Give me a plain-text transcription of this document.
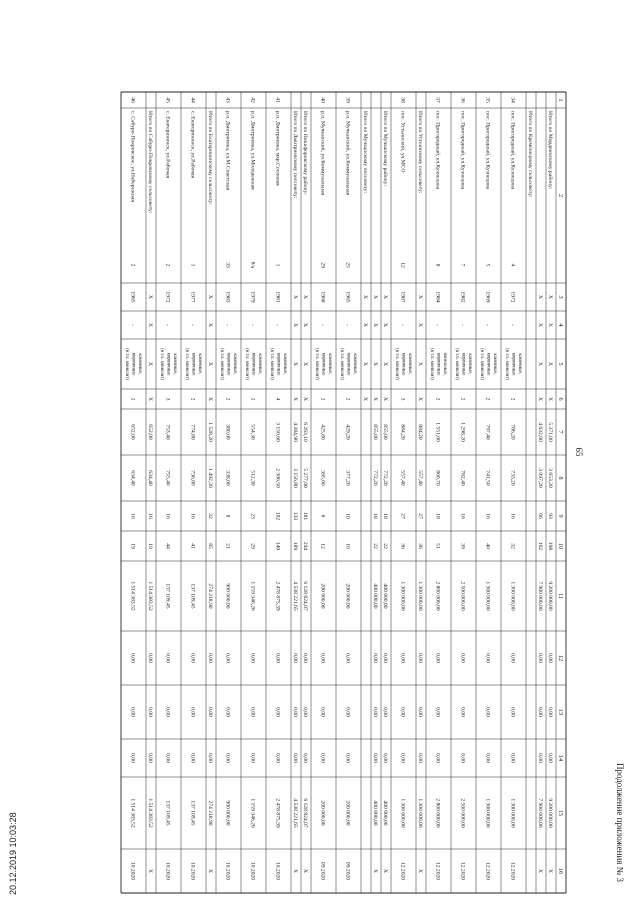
Продолжение приложения № 3
65
1
2
3
4
5
6
7
8
9
10
11
12
13
14
15
16
Итого по Мордвинскому району:
X
X
X
X
5 371,00
3 653,20
93
198
9 200 000,00
0,00
0,00
0,00
9 200 000,00
X
X
X
X
X
4 632,00
3 097,20
66
162
7 900 000,00
0,00
0,00
0,00
7 900 000,00
X
Итого по Кременецкому сельсовету:
34
пос. Пригородный, ул.Кузнецова
4
1972
-
каменные,
кирпичные
(в т.ч. монолит)
2
786,20
733,20
16
32
1 300 000,00
0,00
0,00
0,00
1 300 000,00
12.2020
35
пос. Пригородный, ул.Кузнецова
5
1969
-
каменные,
кирпичные
(в т.ч. монолит)
2
797,40
741,50
16
40
1 300 000,00
0,00
0,00
0,00
1 300 000,00
12.2020
36
пос. Пригородный, ул.Кузнецова
7
1982
-
каменные,
кирпичные
(в т.ч. монолит)
2
1 298,20
782,40
16
39
2 500 000,00
0,00
0,00
0,00
2 500 000,00
12.2020
37
пос. Пригородный, ул.Кузнецова
8
1984
-
панельные,
кирпичные
(в т.ч. монолит)
2
1 551,00
860,70
18
51
2 800 000,00
0,00
0,00
0,00
2 800 000,00
12.2020
Итого по Устьинскому сельсовету:
X
X
X
X
884,20
557,40
27
36
1 300 000,00
0,00
0,00
0,00
1 300 000,00
X
38
пос. Устьинский, ул.МСО
12
1987
-
каменные,
кирпичные
(в т.ч. монолит)
3
884,20
557,40
27
36
1 300 000,00
0,00
0,00
0,00
1 300 000,00
12.2020
Итого по Мучкапскому району:
X
X
X
X
855,00
772,20
18
22
400 000,00
0,00
0,00
0,00
400 000,00
X
X
X
X
X
855,00
772,20
18
22
400 000,00
0,00
0,00
0,00
400 000,00
X
Итого по Мучкапскому поссовету:
X
X
X
X
39
р.п. Мучкапский, ул.Коммунальная
25
1965
-
каменные,
кирпичные
(в т.ч. монолит)
2
429,20
377,20
10
10
200 000,00
0,00
0,00
0,00
200 000,00
09.2020
40
р.п. Мучкапский, ул.Коммунальная
29
1968
-
каменные,
кирпичные
(в т.ч. монолит)
2
425,80
395,00
8
12
200 000,00
0,00
0,00
0,00
200 000,00
09.2020
Итого по Никифоровскому району:
X
X
X
X
6 263,10
5 277,00
181
294
6 128 824,07
0,00
0,00
0,00
6 128 824,07
X
Итого по Дмитриевскому поссовету:
X
X
X
X
4 384,90
3 156,80
133
189
4 538 221,65
0,00
0,00
0,00
4 538 221,65
X
41
р.п. Дмитриевка, мкр.Сосновая
1
1981
-
каменные,
кирпичные
(в т.ч. монолит)
4
3 150,60
2 306,50
102
140
2 478 875,39
0,00
0,00
0,00
2 478 875,39
10.2020
42
р.п. Дмитриевка, ул.Молодежная
8/а
1979
-
каменные,
кирпичные
(в т.ч. монолит)
2
554,30
512,30
23
29
1 159 346,26
0,00
0,00
0,00
1 159 346,26
10.2020
43
р.п. Дмитриевка, ул.М.Советская
33
1983
-
каменные,
кирпичные
(в т.ч. монолит)
2
380,00
338,00
8
21
900 000,00
0,00
0,00
0,00
900 000,00
10.2020
Итого по Екатерининскому сельсовету:
X
X
X
X
1 528,20
1 492,20
32
85
274 218,90
0,00
0,00
0,00
274 218,90
X
44
с. Екатерининск, ул.Рабочая
1
1977
-
каменные,
кирпичные
(в т.ч. монолит)
2
774,80
736,80
16
41
137 109,45
0,00
0,00
0,00
137 109,45
10.2020
45
с. Екатерининск, ул.Рабочая
2
1972
-
каменные,
кирпичные
(в т.ч. монолит)
3
753,40
755,40
16
44
137 109,45
0,00
0,00
0,00
137 109,45
10.2020
Итого по Сабуро-Покровскому сельсовету:
X
X
X
X
652,00
634,40
16
19
1 514 383,52
0,00
0,00
0,00
1 514 383,52
X
46
с. Сабуро-Покровское, ул.Набережная
2
1965
-
каменные,
кирпичные
(в т.ч. монолит)
2
652,00
634,40
16
19
1 514 383,52
0,00
0,00
0,00
1 514 383,52
10.2020
20.12.2019 10:03:28
